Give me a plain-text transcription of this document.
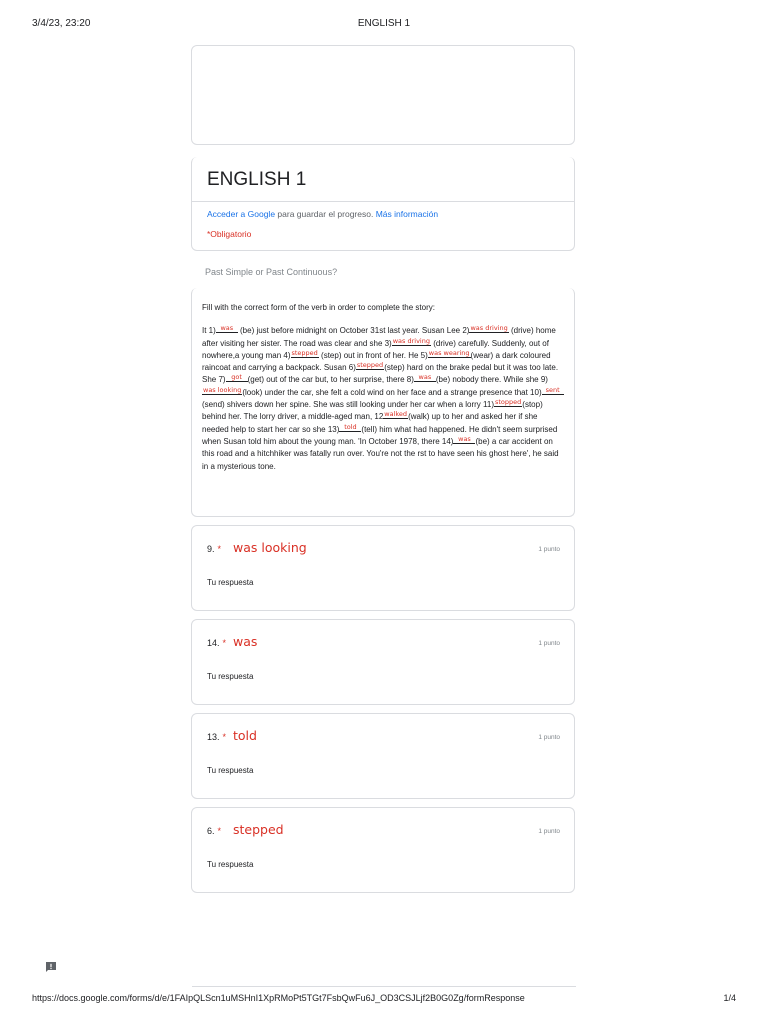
3/4/23, 23:20	ENGLISH 1
ENGLISH 1
Acceder a Google para guardar el progreso. Más información
*Obligatorio
Past Simple or Past Continuous?

Fill with the correct form of the verb in order to complete the story:

It 1) was (be) just before midnight on October 31st last year. Susan Lee 2)was driving (drive) home after visiting her sister. The road was clear and she 3)was driving (drive) carefully. Suddenly, out of nowhere,a young man 4)stepped (step) out in front of her. He 5)was wearing(wear) a dark coloured raincoat and carrying a backpack. Susan 6)stepped(step) hard on the brake pedal but it was too late. She 7) got (get) out of the car but, to her surprise, there 8) was (be) nobody there. While she 9)was looking(look) under the car, she felt a cold wind on her face and a strange presence that 10) sent(send) shivers down her spine. She was still looking under her car when a lorry 11)stopped(stop) behind her. The lorry driver, a middle-aged man, 12walked(walk) up to her and asked her if she needed help to start her car so she 13) told (tell) him what had happened. He didn't seem surprised when Susan told him about the young man. 'In October 1978, there 14) was (be) a car accident on this road and a hitchhiker was fatally run over. You're not the rst to have seen his ghost here', he said in a mysterious tone.

9. * was looking	1 punto
Tu respuesta
14. * was	1 punto
Tu respuesta
13. * told	1 punto
Tu respuesta
6. * stepped	1 punto
Tu respuesta
https://docs.google.com/forms/d/e/1FAIpQLScn1uMSHnI1XpRMoPt5TGt7FsbQwFu6J_OD3CSJLjf2B0G0Zg/formResponse	1/4
